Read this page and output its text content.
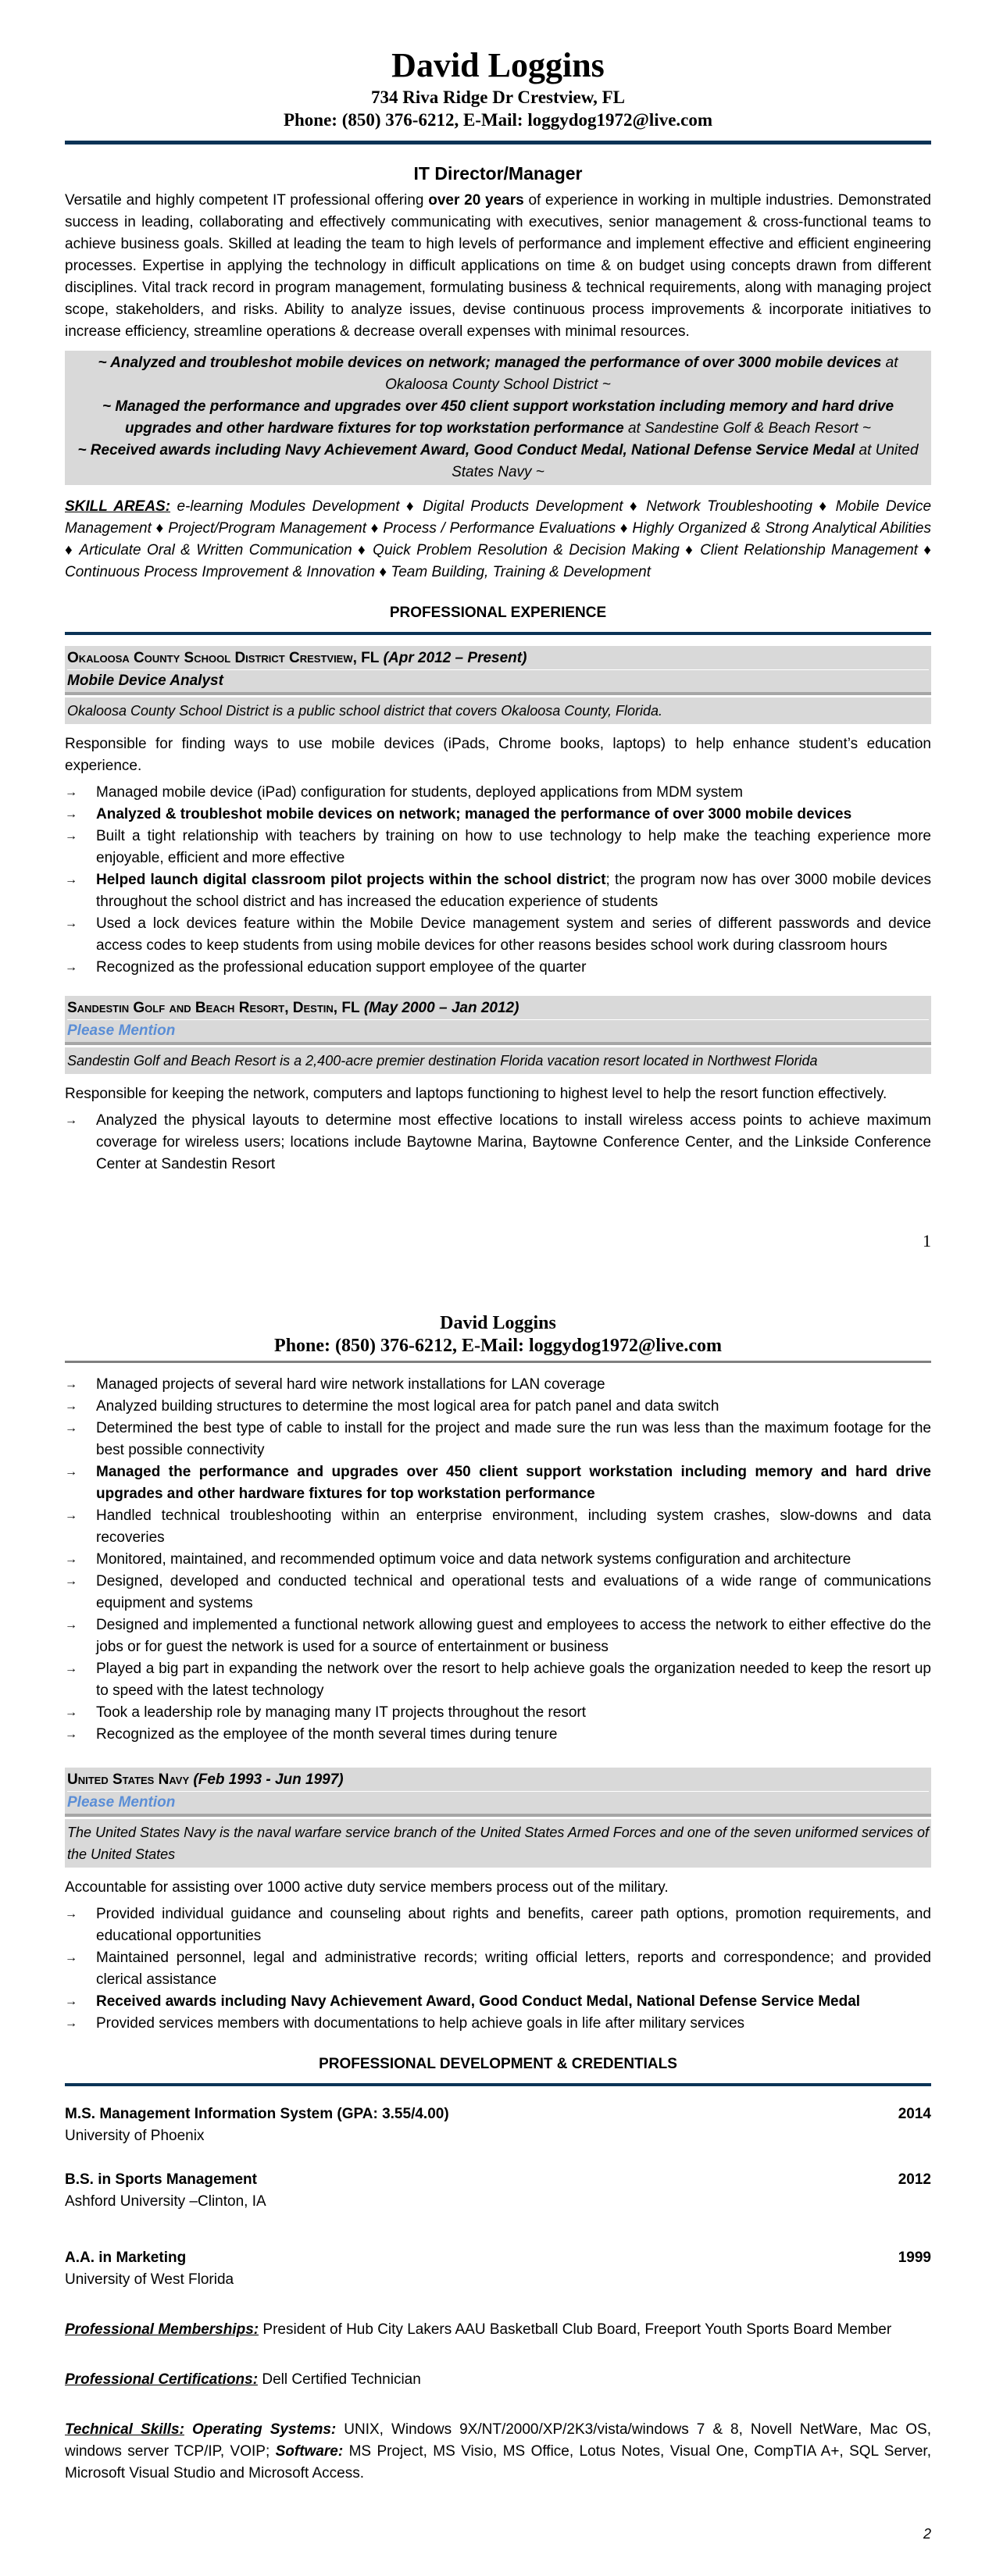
David Loggins
734 Riva Ridge Dr Crestview, FL
Phone: (850) 376-6212, E-Mail: loggydog1972@live.com
IT Director/Manager

Versatile and highly competent IT professional offering over 20 years of experience in working in multiple industries. Demonstrated success in leading, collaborating and effectively communicating with executives, senior management & cross-functional teams to achieve business goals. Skilled at leading the team to high levels of performance and implement effective and efficient engineering processes. Expertise in applying the technology in difficult applications on time & on budget using concepts drawn from different disciplines. Vital track record in program management, formulating business & technical requirements, along with managing project scope, stakeholders, and risks. Ability to analyze issues, devise continuous process improvements & incorporate initiatives to increase efficiency, streamline operations & decrease overall expenses with minimal resources.

~ Analyzed and troubleshot mobile devices on network; managed the performance of over 3000 mobile devices at Okaloosa County School District ~
~ Managed the performance and upgrades over 450 client support workstation including memory and hard drive upgrades and other hardware fixtures for top workstation performance at Sandestine Golf & Beach Resort ~
~ Received awards including Navy Achievement Award, Good Conduct Medal, National Defense Service Medal at United States Navy ~

SKILL AREAS: e-learning Modules Development ♦ Digital Products Development ♦ Network Troubleshooting ♦ Mobile Device Management ♦ Project/Program Management ♦ Process / Performance Evaluations ♦ Highly Organized & Strong Analytical Abilities ♦ Articulate Oral & Written Communication ♦ Quick Problem Resolution & Decision Making ♦ Client Relationship Management ♦ Continuous Process Improvement & Innovation ♦ Team Building, Training & Development

PROFESSIONAL EXPERIENCE
Okaloosa County School District Crestview, FL (Apr 2012 – Present)
Mobile Device Analyst
Okaloosa County School District is a public school district that covers Okaloosa County, Florida.

Responsible for finding ways to use mobile devices (iPads, Chrome books, laptops) to help enhance student’s education experience.

→	Managed mobile device (iPad) configuration for students, deployed applications from MDM system
→	Analyzed & troubleshot mobile devices on network; managed the performance of over 3000 mobile devices
→	Built a tight relationship with teachers by training on how to use technology to help make the teaching experience more enjoyable, efficient and more effective
→	Helped launch digital classroom pilot projects within the school district; the program now has over 3000 mobile devices throughout the school district and has increased the education experience of students
→	Used a lock devices feature within the Mobile Device management system and series of different passwords and device access codes to keep students from using mobile devices for other reasons besides school work during classroom hours
→	Recognized as the professional education support employee of the quarter
Sandestin Golf and Beach Resort, Destin, FL (May 2000 – Jan 2012)
Please Mention
Sandestin Golf and Beach Resort is a 2,400-acre premier destination Florida vacation resort located in Northwest Florida

Responsible for keeping the network, computers and laptops functioning to highest level to help the resort function effectively.

→	Analyzed the physical layouts to determine most effective locations to install wireless access points to achieve maximum coverage for wireless users; locations include Baytowne Marina, Baytowne Conference Center, and the Linkside Conference Center at Sandestin Resort
1
David Loggins
Phone: (850) 376-6212, E-Mail: loggydog1972@live.com
→	Managed projects of several hard wire network installations for LAN coverage
→	Analyzed building structures to determine the most logical area for patch panel and data switch
→	Determined the best type of cable to install for the project and made sure the run was less than the maximum footage for the best possible connectivity
→	Managed the performance and upgrades over 450 client support workstation including memory and hard drive upgrades and other hardware fixtures for top workstation performance
→	Handled technical troubleshooting within an enterprise environment, including system crashes, slow-downs and data recoveries
→	Monitored, maintained, and recommended optimum voice and data network systems configuration and architecture
→	Designed, developed and conducted technical and operational tests and evaluations of a wide range of communications equipment and systems
→	Designed and implemented a functional network allowing guest and employees to access the network to either effective do the jobs or for guest the network is used for a source of entertainment or business
→	Played a big part in expanding the network over the resort to help achieve goals the organization needed to keep the resort up to speed with the latest technology
→	Took a leadership role by managing many IT projects throughout the resort
→	Recognized as the employee of the month several times during tenure
United States Navy (Feb 1993 - Jun 1997)
Please Mention
The United States Navy is the naval warfare service branch of the United States Armed Forces and one of the seven uniformed services of the United States

Accountable for assisting over 1000 active duty service members process out of the military.

→	Provided individual guidance and counseling about rights and benefits, career path options, promotion requirements, and educational opportunities
→	Maintained personnel, legal and administrative records; writing official letters, reports and correspondence; and provided clerical assistance
→	Received awards including Navy Achievement Award, Good Conduct Medal, National Defense Service Medal
→	Provided services members with documentations to help achieve goals in life after military services
PROFESSIONAL DEVELOPMENT & CREDENTIALS
M.S. Management Information System (GPA: 3.55/4.00)	2014
University of Phoenix
B.S. in Sports Management	2012
Ashford University –Clinton, IA
A.A. in Marketing	1999
University of West Florida

Professional Memberships: President of Hub City Lakers AAU Basketball Club Board, Freeport Youth Sports Board Member

Professional Certifications: Dell Certified Technician

Technical Skills: Operating Systems: UNIX, Windows 9X/NT/2000/XP/2K3/vista/windows 7 & 8, Novell NetWare, Mac OS, windows server TCP/IP, VOIP; Software: MS Project, MS Visio, MS Office, Lotus Notes, Visual One, CompTIA A+, SQL Server, Microsoft Visual Studio and Microsoft Access.

2
